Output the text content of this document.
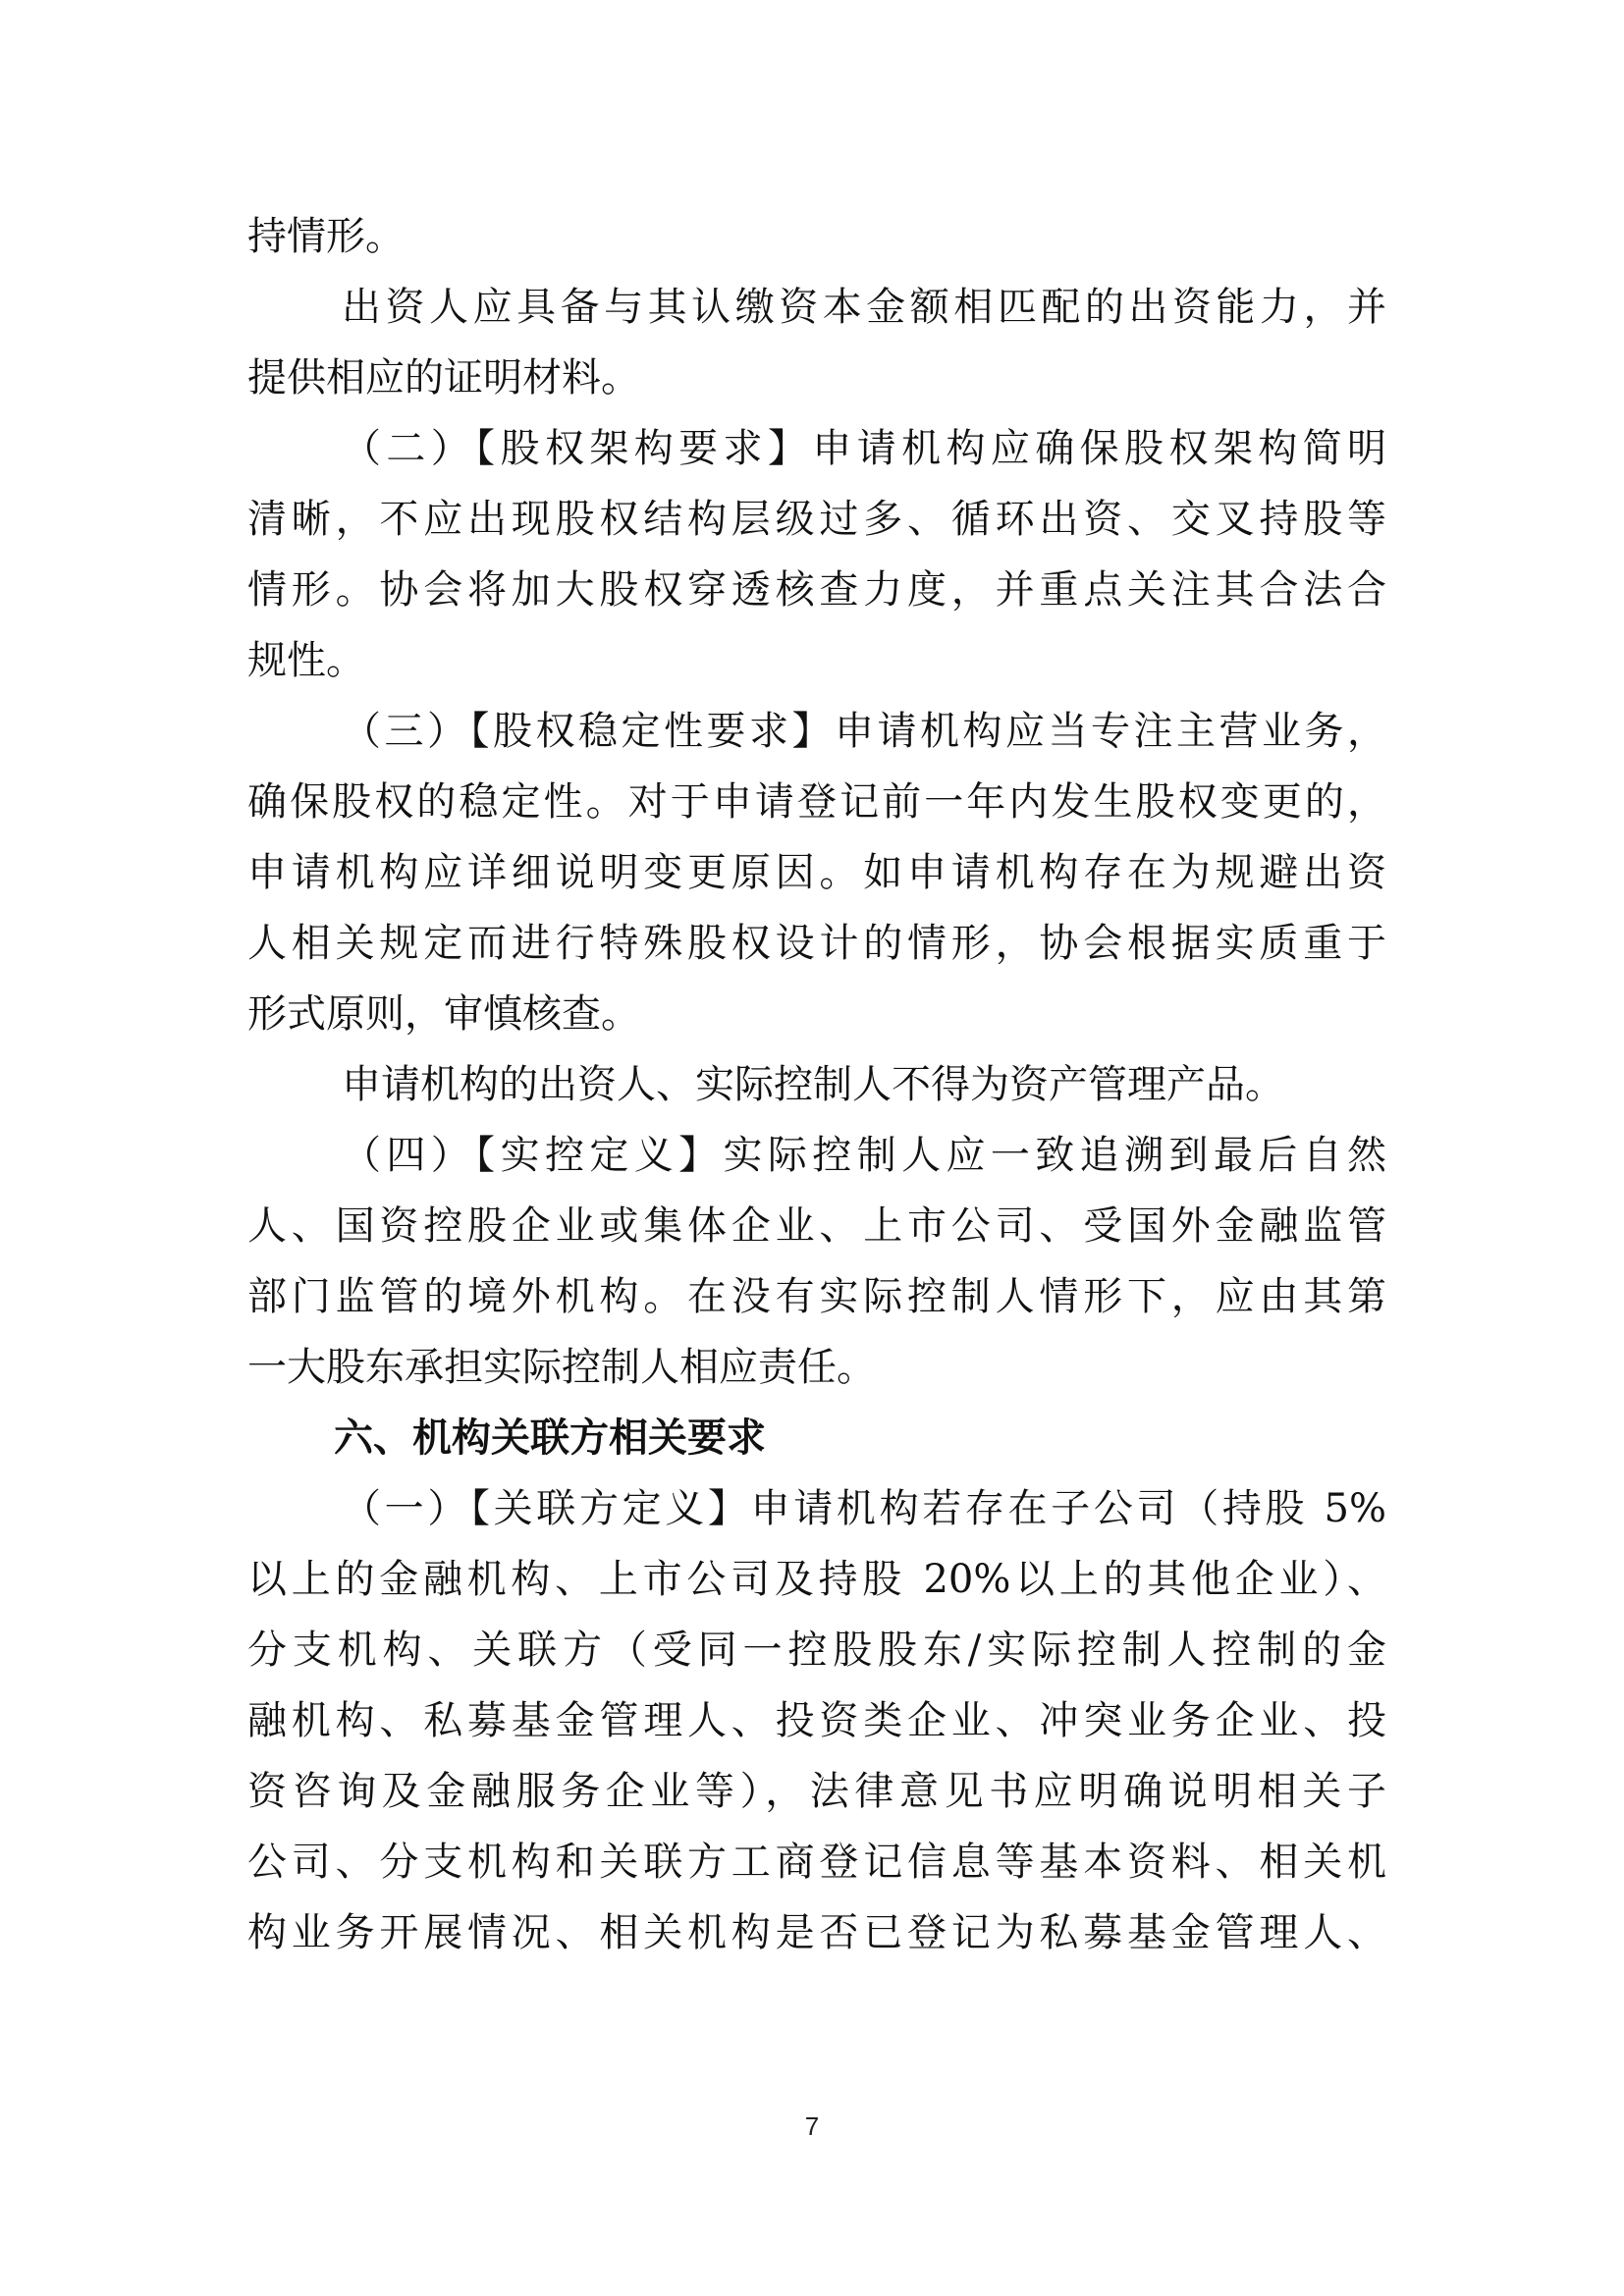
持情形。
出资人应具备与其认缴资本金额相匹配的出资能力，并
提供相应的证明材料。
（二）【股权架构要求】申请机构应确保股权架构简明
清晰，不应出现股权结构层级过多、循环出资、交叉持股等
情形。协会将加大股权穿透核查力度，并重点关注其合法合
规性。
（三）【股权稳定性要求】申请机构应当专注主营业务，
确保股权的稳定性。对于申请登记前一年内发生股权变更的，
申请机构应详细说明变更原因。如申请机构存在为规避出资
人相关规定而进行特殊股权设计的情形，协会根据实质重于
形式原则，审慎核查。
申请机构的出资人、实际控制人不得为资产管理产品。
（四）【实控定义】实际控制人应一致追溯到最后自然
人、国资控股企业或集体企业、上市公司、受国外金融监管
部门监管的境外机构。在没有实际控制人情形下，应由其第
一大股东承担实际控制人相应责任。
六、机构关联方相关要求
（一）【关联方定义】申请机构若存在子公司（持股 5%
以上的金融机构、上市公司及持股 20%以上的其他企业）、
分支机构、关联方（受同一控股股东/实际控制人控制的金
融机构、私募基金管理人、投资类企业、冲突业务企业、投
资咨询及金融服务企业等），法律意见书应明确说明相关子
公司、分支机构和关联方工商登记信息等基本资料、相关机
构业务开展情况、相关机构是否已登记为私募基金管理人、
7
